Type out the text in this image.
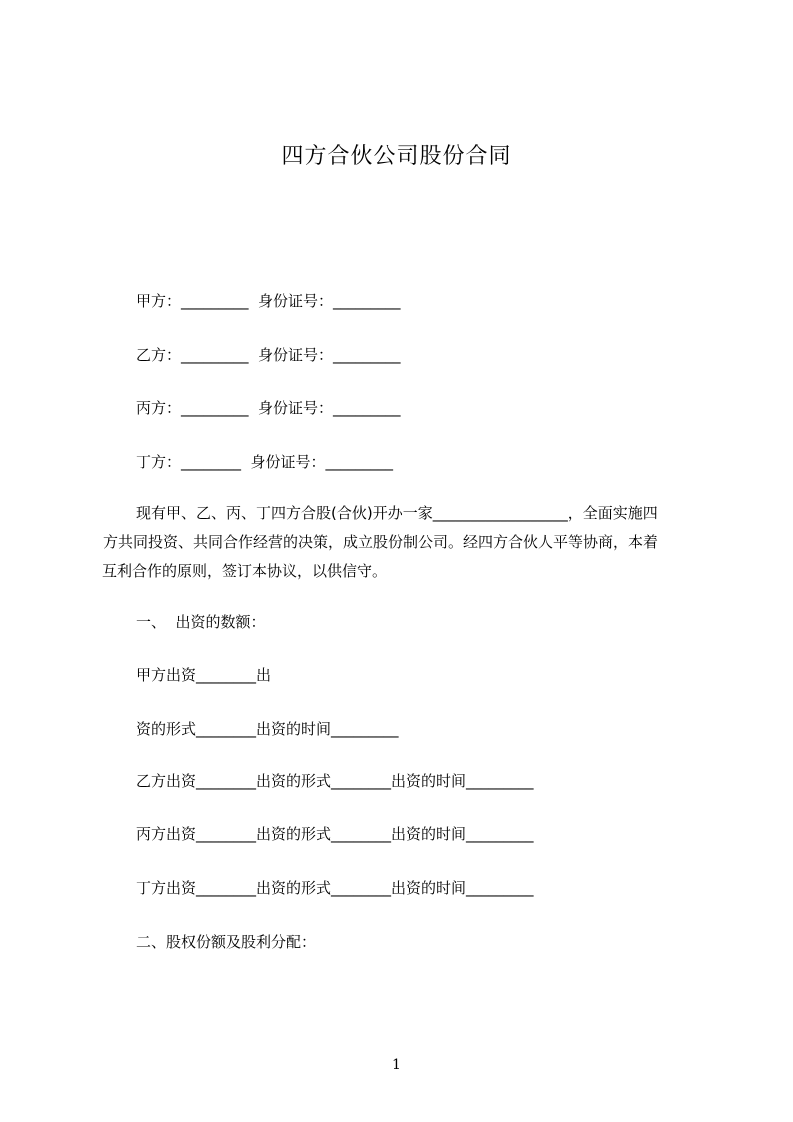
四方合伙公司股份合同
甲方：_________  身份证号：_________
乙方：_________  身份证号：_________
丙方：_________  身份证号：_________
丁方：________  身份证号：_________
现有甲、乙、丙、丁四方合股(合伙)开办一家__________________，全面实施四
方共同投资、共同合作经营的决策，成立股份制公司。经四方合伙人平等协商，本着
互利合作的原则，签订本协议，以供信守。
一、  出资的数额：
甲方出资________出
资的形式________出资的时间_________
乙方出资________出资的形式________出资的时间_________
丙方出资________出资的形式________出资的时间_________
丁方出资________出资的形式________出资的时间_________
二、股权份额及股利分配：
1
